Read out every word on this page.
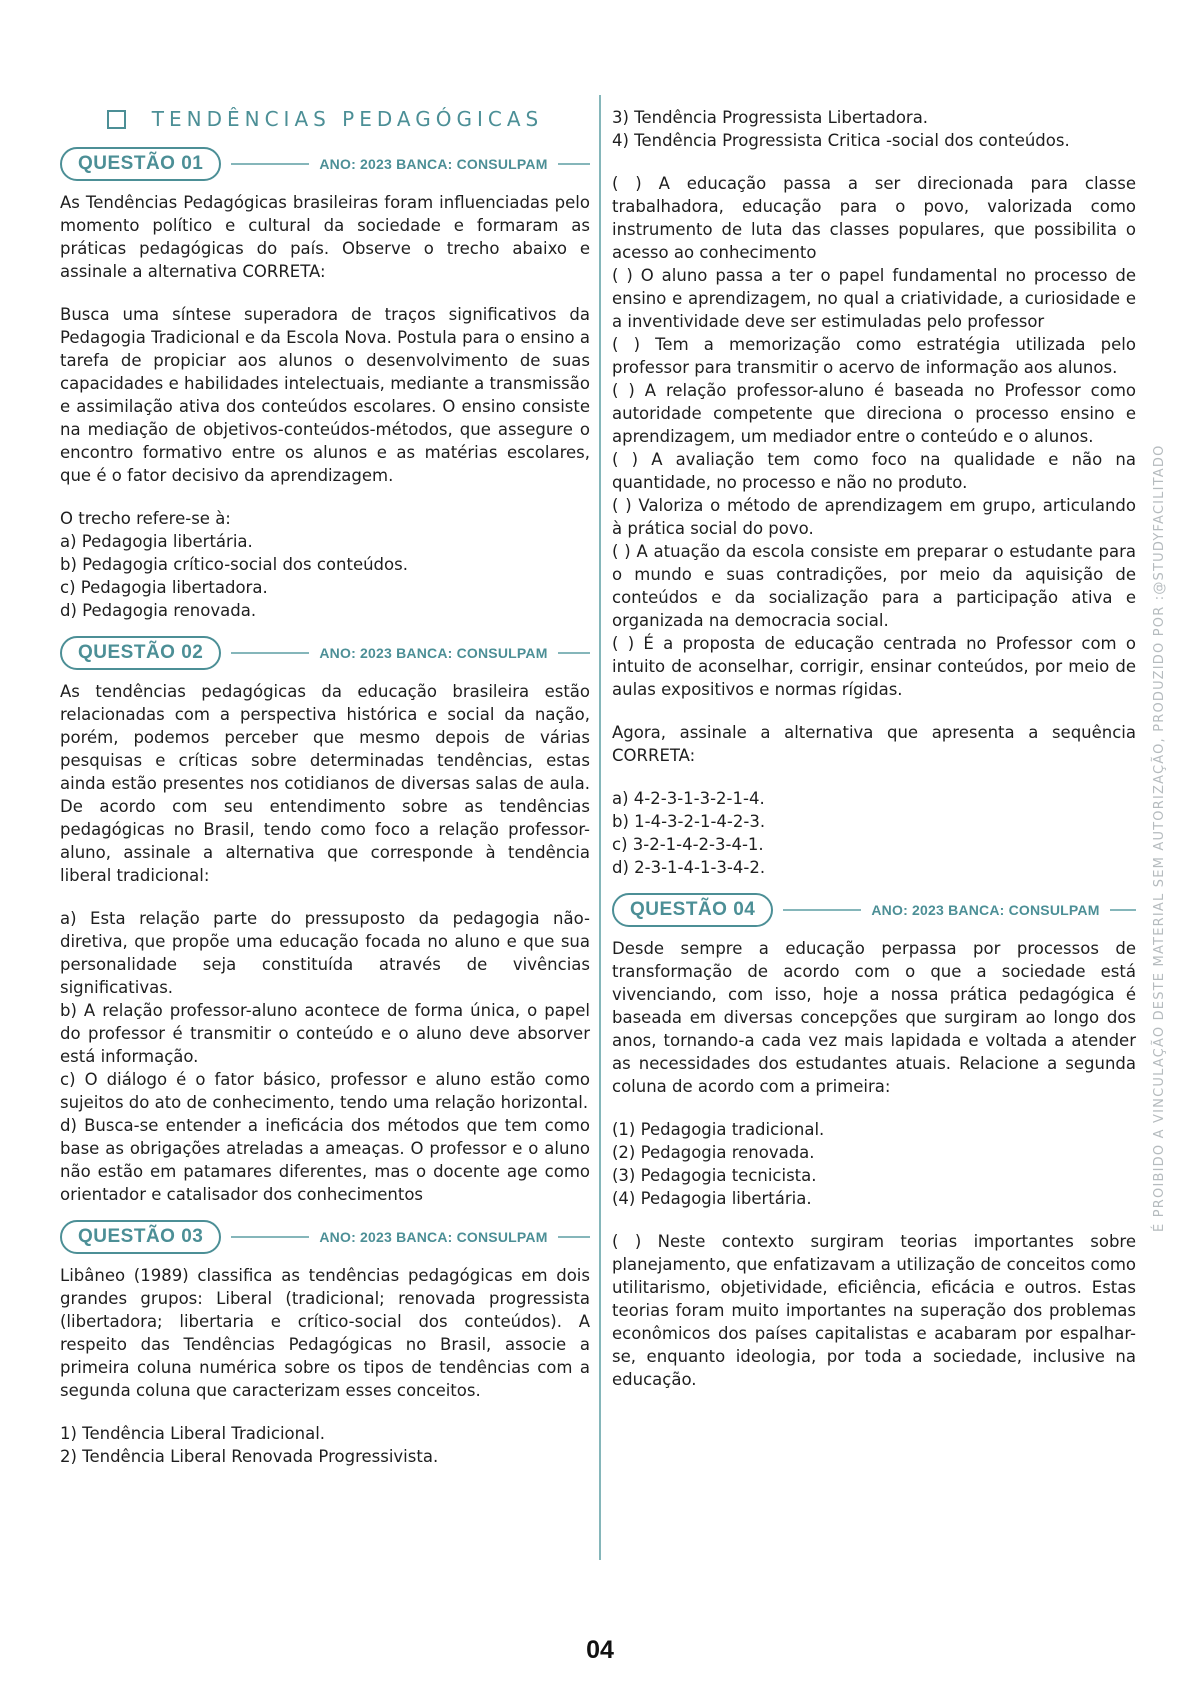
TENDÊNCIAS PEDAGÓGICAS
QUESTÃO 01	ANO: 2023 BANCA: CONSULPAM
As Tendências Pedagógicas brasileiras foram influenciadas pelo momento político e cultural da sociedade e formaram as práticas pedagógicas do país. Observe o trecho abaixo e assinale a alternativa CORRETA:
Busca uma síntese superadora de traços significativos da Pedagogia Tradicional e da Escola Nova. Postula para o ensino a tarefa de propiciar aos alunos o desenvolvimento de suas capacidades e habilidades intelectuais, mediante a transmissão e assimilação ativa dos conteúdos escolares. O ensino consiste na mediação de objetivos-conteúdos-métodos, que assegure o encontro formativo entre os alunos e as matérias escolares, que é o fator decisivo da aprendizagem.
O trecho refere-se à:
a) Pedagogia libertária.
b) Pedagogia crítico-social dos conteúdos.
c) Pedagogia libertadora.
d) Pedagogia renovada.
QUESTÃO 02	ANO: 2023 BANCA: CONSULPAM
As tendências pedagógicas da educação brasileira estão relacionadas com a perspectiva histórica e social da nação, porém, podemos perceber que mesmo depois de várias pesquisas e críticas sobre determinadas tendências, estas ainda estão presentes nos cotidianos de diversas salas de aula. De acordo com seu entendimento sobre as tendências pedagógicas no Brasil, tendo como foco a relação professor-aluno, assinale a alternativa que corresponde à tendência liberal tradicional:
a) Esta relação parte do pressuposto da pedagogia não-diretiva, que propõe uma educação focada no aluno e que sua personalidade seja constituída através de vivências significativas.
b) A relação professor-aluno acontece de forma única, o papel do professor é transmitir o conteúdo e o aluno deve absorver está informação.
c) O diálogo é o fator básico, professor e aluno estão como sujeitos do ato de conhecimento, tendo uma relação horizontal.
d) Busca-se entender a ineficácia dos métodos que tem como base as obrigações atreladas a ameaças. O professor e o aluno não estão em patamares diferentes, mas o docente age como orientador e catalisador dos conhecimentos
QUESTÃO 03	ANO: 2023 BANCA: CONSULPAM
Libâneo (1989) classifica as tendências pedagógicas em dois grandes grupos: Liberal (tradicional; renovada progressista (libertadora; libertaria e crítico-social dos conteúdos). A respeito das Tendências Pedagógicas no Brasil, associe a primeira coluna numérica sobre os tipos de tendências com a segunda coluna que caracterizam esses conceitos.
1) Tendência Liberal Tradicional.
2) Tendência Liberal Renovada Progressivista.
3) Tendência Progressista Libertadora.
4) Tendência Progressista Critica -social dos conteúdos.
( ) A educação passa a ser direcionada para classe trabalhadora, educação para o povo, valorizada como instrumento de luta das classes populares, que possibilita o acesso ao conhecimento
( ) O aluno passa a ter o papel fundamental no processo de ensino e aprendizagem, no qual a criatividade, a curiosidade e a inventividade deve ser estimuladas pelo professor
( ) Tem a memorização como estratégia utilizada pelo professor para transmitir o acervo de informação aos alunos.
( ) A relação professor-aluno é baseada no Professor como autoridade competente que direciona o processo ensino e aprendizagem, um mediador entre o conteúdo e o alunos.
( ) A avaliação tem como foco na qualidade e não na quantidade, no processo e não no produto.
( ) Valoriza o método de aprendizagem em grupo, articulando à prática social do povo.
( ) A atuação da escola consiste em preparar o estudante para o mundo e suas contradições, por meio da aquisição de conteúdos e da socialização para a participação ativa e organizada na democracia social.
( ) É a proposta de educação centrada no Professor com o intuito de aconselhar, corrigir, ensinar conteúdos, por meio de aulas expositivos e normas rígidas.
Agora, assinale a alternativa que apresenta a sequência CORRETA:
a) 4-2-3-1-3-2-1-4.
b) 1-4-3-2-1-4-2-3.
c) 3-2-1-4-2-3-4-1.
d) 2-3-1-4-1-3-4-2.
QUESTÃO 04	ANO: 2023 BANCA: CONSULPAM
Desde sempre a educação perpassa por processos de transformação de acordo com o que a sociedade está vivenciando, com isso, hoje a nossa prática pedagógica é baseada em diversas concepções que surgiram ao longo dos anos, tornando-a cada vez mais lapidada e voltada a atender as necessidades dos estudantes atuais. Relacione a segunda coluna de acordo com a primeira:
(1) Pedagogia tradicional.
(2) Pedagogia renovada.
(3) Pedagogia tecnicista.
(4) Pedagogia libertária.
( ) Neste contexto surgiram teorias importantes sobre planejamento, que enfatizavam a utilização de conceitos como utilitarismo, objetividade, eficiência, eficácia e outros. Estas teorias foram muito importantes na superação dos problemas econômicos dos países capitalistas e acabaram por espalhar-se, enquanto ideologia, por toda a sociedade, inclusive na educação.
É PROIBIDO A VINCULAÇÃO DESTE MATERIAL SEM AUTORIZAÇÃO, PRODUZIDO POR :@STUDYFACILITADO
04
